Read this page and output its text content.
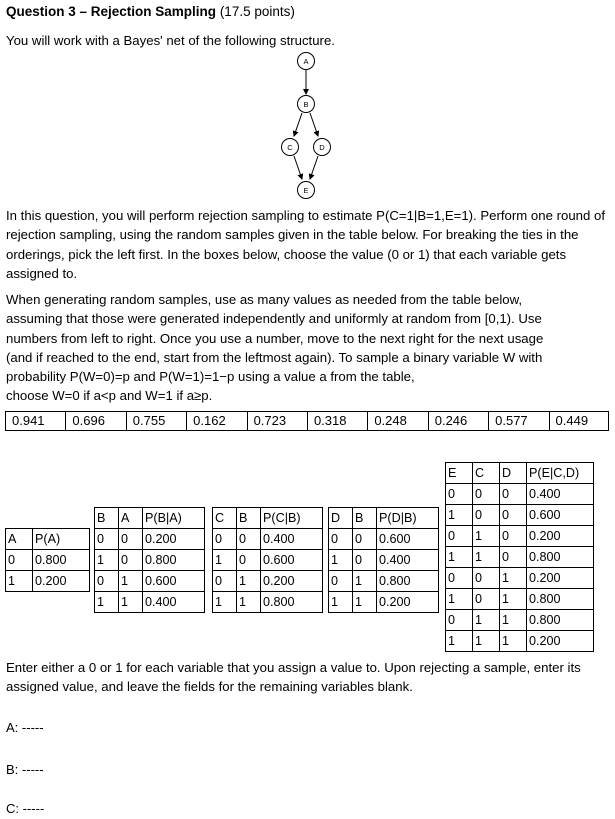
Question 3 – Rejection Sampling (17.5 points)
You will work with a Bayes' net of the following structure.
A
B
C	D
E
In this question, you will perform rejection sampling to estimate P(C=1|B=1,E=1). Perform one round of rejection sampling, using the random samples given in the table below. For breaking the ties in the orderings, pick the left first. In the boxes below, choose the value (0 or 1) that each variable gets assigned to.
When generating random samples, use as many values as needed from the table below,
assuming that those were generated independently and uniformly at random from [0,1). Use
numbers from left to right. Once you use a number, move to the next right for the next usage
(and if reached to the end, start from the leftmost again). To sample a binary variable W with
probability P(W=0)=p and P(W=1)=1−p using a value a from the table,
choose W=0 if a<p and W=1 if a≥p.
0.941	0.696	0.755	0.162	0.723	0.318	0.248	0.246	0.577	0.449
A	P(A)
0	0.800
1	0.200
B	A	P(B|A)
0	0	0.200
1	0	0.800
0	1	0.600
1	1	0.400
C	B	P(C|B)
0	0	0.400
1	0	0.600
0	1	0.200
1	1	0.800
D	B	P(D|B)
0	0	0.600
1	0	0.400
0	1	0.800
1	1	0.200
E	C	D	P(E|C,D)
0	0	0	0.400
1	0	0	0.600
0	1	0	0.200
1	1	0	0.800
0	0	1	0.200
1	0	1	0.800
0	1	1	0.800
1	1	1	0.200
Enter either a 0 or 1 for each variable that you assign a value to. Upon rejecting a sample, enter its assigned value, and leave the fields for the remaining variables blank.
A: -----
B: -----
C: -----
